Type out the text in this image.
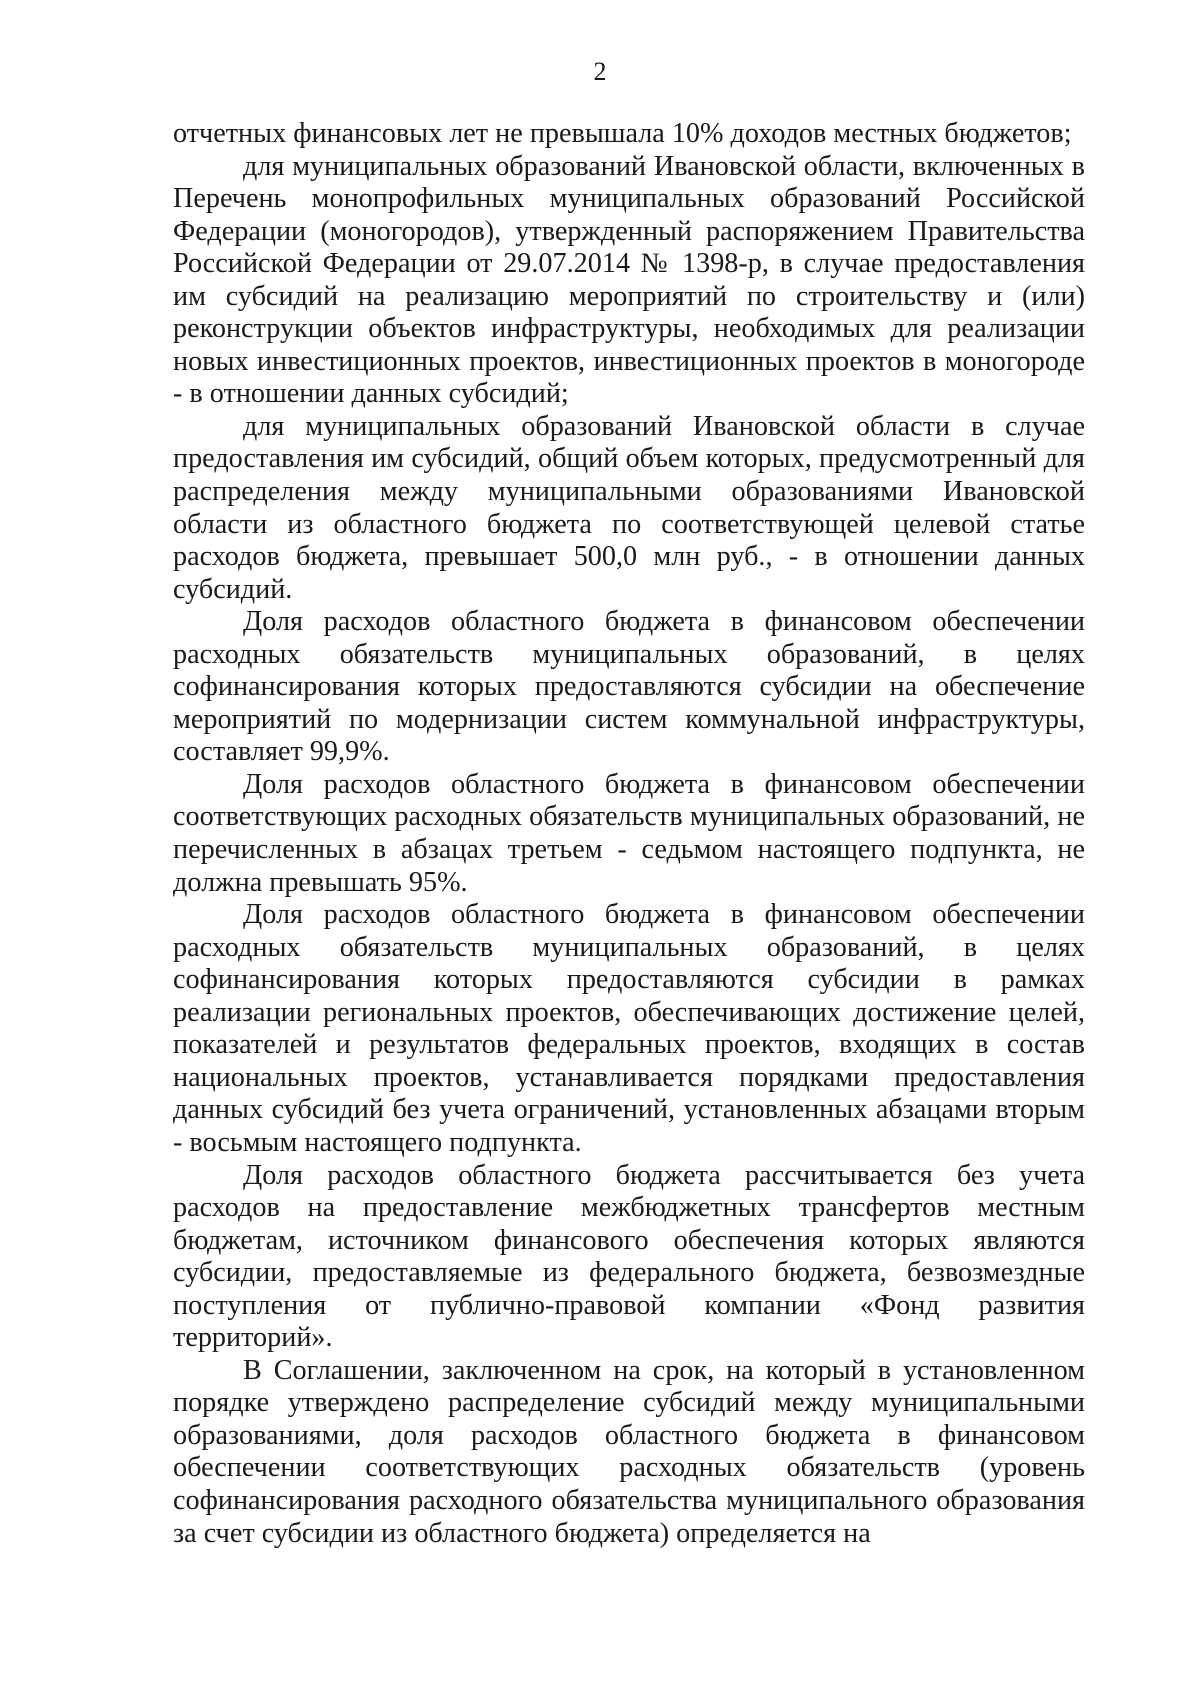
2

отчетных финансовых лет не превышала 10% доходов местных бюджетов;

для муниципальных образований Ивановской области, включенных в Перечень монопрофильных муниципальных образований Российской Федерации (моногородов), утвержденный распоряжением Правительства Российской Федерации от 29.07.2014 № 1398-р, в случае предоставления им субсидий на реализацию мероприятий по строительству и (или) реконструкции объектов инфраструктуры, необходимых для реализации новых инвестиционных проектов, инвестиционных проектов в моногороде - в отношении данных субсидий;

для муниципальных образований Ивановской области в случае предоставления им субсидий, общий объем которых, предусмотренный для распределения между муниципальными образованиями Ивановской области из областного бюджета по соответствующей целевой статье расходов бюджета, превышает 500,0 млн руб., - в отношении данных субсидий.

Доля расходов областного бюджета в финансовом обеспечении расходных обязательств муниципальных образований, в целях софинансирования которых предоставляются субсидии на обеспечение мероприятий по модернизации систем коммунальной инфраструктуры, составляет 99,9%.

Доля расходов областного бюджета в финансовом обеспечении соответствующих расходных обязательств муниципальных образований, не перечисленных в абзацах третьем - седьмом настоящего подпункта, не должна превышать 95%.

Доля расходов областного бюджета в финансовом обеспечении расходных обязательств муниципальных образований, в целях софинансирования которых предоставляются субсидии в рамках реализации региональных проектов, обеспечивающих достижение целей, показателей и результатов федеральных проектов, входящих в состав национальных проектов, устанавливается порядками предоставления данных субсидий без учета ограничений, установленных абзацами вторым - восьмым настоящего подпункта.

Доля расходов областного бюджета рассчитывается без учета расходов на предоставление межбюджетных трансфертов местным бюджетам, источником финансового обеспечения которых являются субсидии, предоставляемые из федерального бюджета, безвозмездные поступления от публично-правовой компании «Фонд развития территорий».

В Соглашении, заключенном на срок, на который в установленном порядке утверждено распределение субсидий между муниципальными образованиями, доля расходов областного бюджета в финансовом обеспечении соответствующих расходных обязательств (уровень софинансирования расходного обязательства муниципального образования за счет субсидии из областного бюджета) определяется на
